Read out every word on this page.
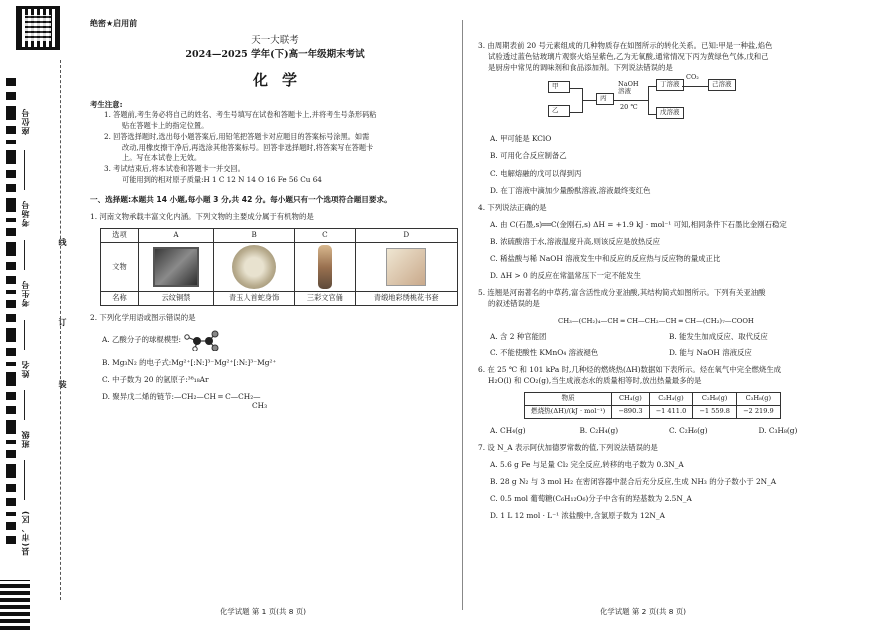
座位号
考场号
考生号
姓名
班级
县(市、区)
线
订
装
绝密★启用前
天一大联考
2024—2025 学年(下)高一年级期末考试
化学
考生注意:

1. 答题前,考生务必将自己的姓名、考生号填写在试卷和答题卡上,并将考生号条形码粘

贴在答题卡上的指定位置。

2. 回答选择题时,选出每小题答案后,用铅笔把答题卡对应题目的答案标号涂黑。如需

改动,用橡皮擦干净后,再选涂其他答案标号。回答非选择题时,将答案写在答题卡

上。写在本试卷上无效。

3. 考试结束后,将本试卷和答题卡一并交回。

可能用到的相对原子质量:H 1 C 12 N 14 O 16 Fe 56 Cu 64

一、选择题:本题共 14 小题,每小题 3 分,共 42 分。每小题只有一个选项符合题目要求。
1. 河南文物承载丰富文化内涵。下列文物的主要成分属于有机物的是
选项	A	B	C	D
文物	

名称	云纹铜禁	青玉人首蛇身饰	三彩文官俑	青缎地彩绣桃花书套
2. 下列化学用语或图示错误的是
A. 乙酸分子的球棍模型:
B. Mg₃N₂ 的电子式:Mg²⁺[:N:]³⁻Mg²⁺[:N:]³⁻Mg²⁺
C. 中子数为 20 的氩原子:³⁸₁₈Ar
D. 聚异戊二烯的链节:—CH₂—CH ═ C—CH₂—
CH₃
化学试题 第 1 页(共 8 页)
3. 由周期表前 20 号元素组成的几种物质存在如图所示的转化关系。已知:甲是一种盐,焰色
试验透过蓝色钴玻璃片观察火焰呈紫色,乙为无氧酸,通常情况下丙为黄绿色气体,戊和己
是厨房中常见的调味剂和食品添加剂。下列说法错误的是
甲
乙
丙
NaOH
溶液
20 ℃
丁溶液
戊溶液
CO₂
己溶液
A. 甲可能是 KClO
B. 可用化合反应制备乙
C. 电解熔融的戊可以得到丙
D. 在丁溶液中滴加少量酚酞溶液,溶液最终变红色
4. 下列说法正确的是
A. 由 C(石墨,s)══C(金刚石,s) ΔH = +1.9 kJ · mol⁻¹ 可知,相同条件下石墨比金刚石稳定
B. 浓硫酸溶于水,溶液温度升高,则该反应是放热反应
C. 稀盐酸与稀 NaOH 溶液发生中和反应的反应热与反应物的量成正比
D. ΔH > 0 的反应在常温常压下一定不能发生
5. 连翘是河南著名的中草药,富含活性成分亚油酸,其结构简式如图所示。下列有关亚油酸
的叙述错误的是
CH₃—(CH₂)₄—CH ═ CH—CH₂—CH ═ CH—(CH₂)₇—COOH
A. 含 2 种官能团	B. 能发生加成反应、取代反应
C. 不能使酸性 KMnO₄ 溶液褪色	D. 能与 NaOH 溶液反应
6. 在 25 ℃ 和 101 kPa 时,几种烃的燃烧热(ΔH)数据如下表所示。烃在氧气中完全燃烧生成
H₂O(l) 和 CO₂(g),当生成液态水的质量相等时,放出热量最多的是
物质	CH₄(g)	C₂H₄(g)	C₂H₆(g)	C₃H₈(g)
燃烧热(ΔH)/(kJ · mol⁻¹)	−890.3	−1 411.0	−1 559.8	−2 219.9
A. CH₄(g)	B. C₂H₄(g)	C. C₂H₆(g)	D. C₃H₈(g)
7. 设 N_A 表示阿伏加德罗常数的值,下列说法错误的是
A. 5.6 g Fe 与足量 Cl₂ 完全反应,转移的电子数为 0.3N_A
B. 28 g N₂ 与 3 mol H₂ 在密闭容器中混合后充分反应,生成 NH₃ 的分子数小于 2N_A
C. 0.5 mol 葡萄糖(C₆H₁₂O₆)分子中含有的羟基数为 2.5N_A
D. 1 L 12 mol · L⁻¹ 浓盐酸中,含氯原子数为 12N_A
化学试题 第 2 页(共 8 页)
